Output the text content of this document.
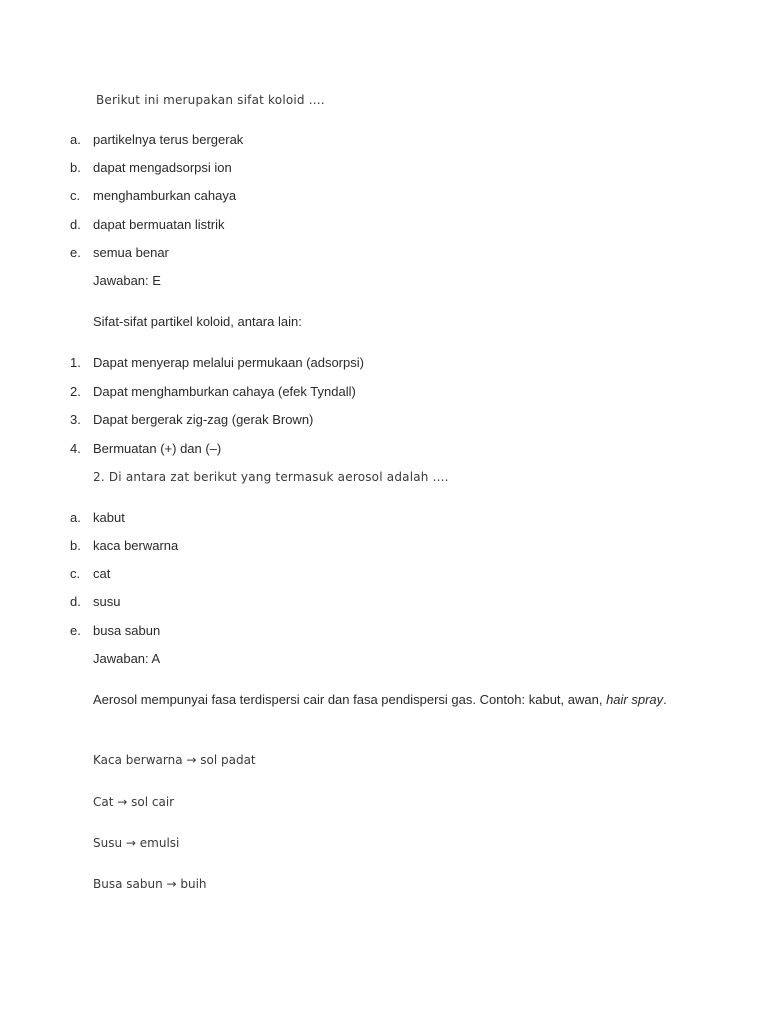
Berikut ini merupakan sifat koloid ....
a. partikelnya terus bergerak
b. dapat mengadsorpsi ion
c. menghamburkan cahaya
d. dapat bermuatan listrik
e. semua benar
Jawaban: E
Sifat-sifat partikel koloid, antara lain:
1. Dapat menyerap melalui permukaan (adsorpsi)
2. Dapat menghamburkan cahaya (efek Tyndall)
3. Dapat bergerak zig-zag (gerak Brown)
4. Bermuatan (+) dan (–)
2. Di antara zat berikut yang termasuk aerosol adalah ....
a. kabut
b. kaca berwarna
c. cat
d. susu
e. busa sabun
Jawaban: A
Aerosol mempunyai fasa terdispersi cair dan fasa pendispersi gas. Contoh: kabut, awan, hair spray.
Kaca berwarna → sol padat
Cat → sol cair
Susu → emulsi
Busa sabun → buih
